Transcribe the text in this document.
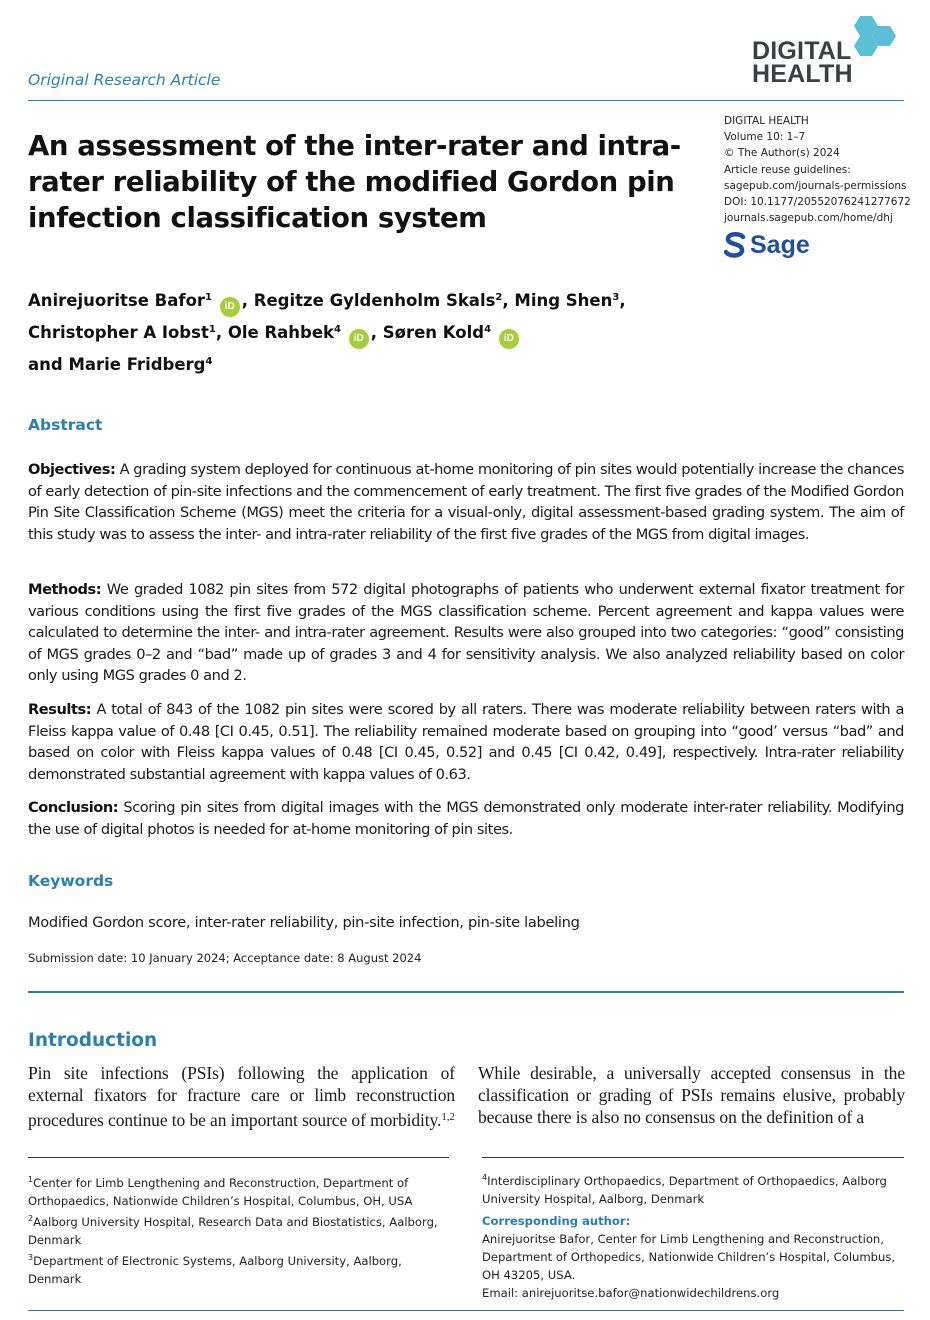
Original Research Article
DIGITAL
HEALTH
An assessment of the inter-rater and intra-rater reliability of the modified Gordon pin infection classification system
DIGITAL HEALTH
Volume 10: 1–7
© The Author(s) 2024
Article reuse guidelines:
sagepub.com/journals-permissions
DOI: 10.1177/20552076241277672
journals.sagepub.com/home/dhj
Sage
Anirejuoritse Bafor$^1$ iD , Regitze Gyldenholm Skals$^2$, Ming Shen$^3$,
Christopher A Iobst$^1$, Ole Rahbek$^4$ iD , Søren Kold$^4$ iD
and Marie Fridberg$^4$
Abstract
Objectives: A grading system deployed for continuous at-home monitoring of pin sites would potentially increase the chances of early detection of pin-site infections and the commencement of early treatment. The first five grades of the Modified Gordon Pin Site Classification Scheme (MGS) meet the criteria for a visual-only, digital assessment-based grading system. The aim of this study was to assess the inter- and intra-rater reliability of the first five grades of the MGS from digital images.
Methods: We graded 1082 pin sites from 572 digital photographs of patients who underwent external fixator treatment for various conditions using the first five grades of the MGS classification scheme. Percent agreement and kappa values were calculated to determine the inter- and intra-rater agreement. Results were also grouped into two categories: “good” consisting of MGS grades 0–2 and “bad” made up of grades 3 and 4 for sensitivity analysis. We also analyzed reliability based on color only using MGS grades 0 and 2.
Results: A total of 843 of the 1082 pin sites were scored by all raters. There was moderate reliability between raters with a Fleiss kappa value of 0.48 [CI 0.45, 0.51]. The reliability remained moderate based on grouping into “good’ versus “bad” and based on color with Fleiss kappa values of 0.48 [CI 0.45, 0.52] and 0.45 [CI 0.42, 0.49], respectively. Intra-rater reliability demonstrated substantial agreement with kappa values of 0.63.
Conclusion: Scoring pin sites from digital images with the MGS demonstrated only moderate inter-rater reliability. Modifying the use of digital photos is needed for at-home monitoring of pin sites.
Keywords
Modified Gordon score, inter-rater reliability, pin-site infection, pin-site labeling
Submission date: 10 January 2024; Acceptance date: 8 August 2024
Introduction
Pin site infections (PSIs) following the application of external fixators for fracture care or limb reconstruction procedures continue to be an important source of morbidity.$^{1,2}$
While desirable, a universally accepted consensus in the classification or grading of PSIs remains elusive, probably because there is also no consensus on the definition of a
$^1$Center for Limb Lengthening and Reconstruction, Department of Orthopaedics, Nationwide Children’s Hospital, Columbus, OH, USA
$^2$Aalborg University Hospital, Research Data and Biostatistics, Aalborg, Denmark
$^3$Department of Electronic Systems, Aalborg University, Aalborg, Denmark
$^4$Interdisciplinary Orthopaedics, Department of Orthopaedics, Aalborg University Hospital, Aalborg, Denmark
Corresponding author:
Anirejuoritse Bafor, Center for Limb Lengthening and Reconstruction, Department of Orthopedics, Nationwide Children’s Hospital, Columbus, OH 43205, USA.
Email: anirejuoritse.bafor@nationwidechildrens.org
